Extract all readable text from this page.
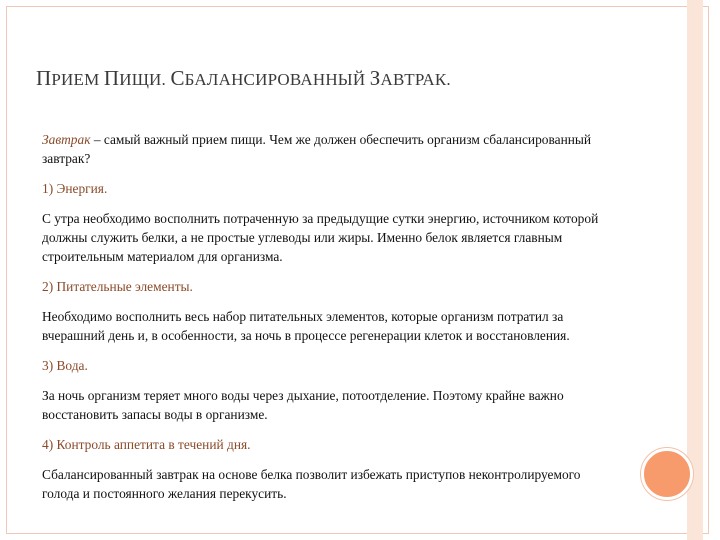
ПРИЕМ ПИЩИ. СБАЛАНСИРОВАННЫЙ ЗАВТРАК.

Завтрак – самый важный прием пищи. Чем же должен обеспечить организм сбалансированный завтрак?

1) Энергия.

С утра необходимо восполнить потраченную за предыдущие сутки энергию, источником которой должны служить белки, а не простые углеводы или жиры. Именно белок является главным строительным материалом для организма.

2) Питательные элементы.

Необходимо восполнить весь набор питательных элементов, которые организм потратил за вчерашний день и, в особенности, за ночь в процессе регенерации клеток и восстановления.

3) Вода.

За ночь организм теряет много воды через дыхание, потоотделение. Поэтому крайне важно восстановить запасы воды в организме.

4) Контроль аппетита в течений дня.

Сбалансированный завтрак на основе белка позволит избежать приступов неконтролируемого голода и постоянного желания перекусить.
